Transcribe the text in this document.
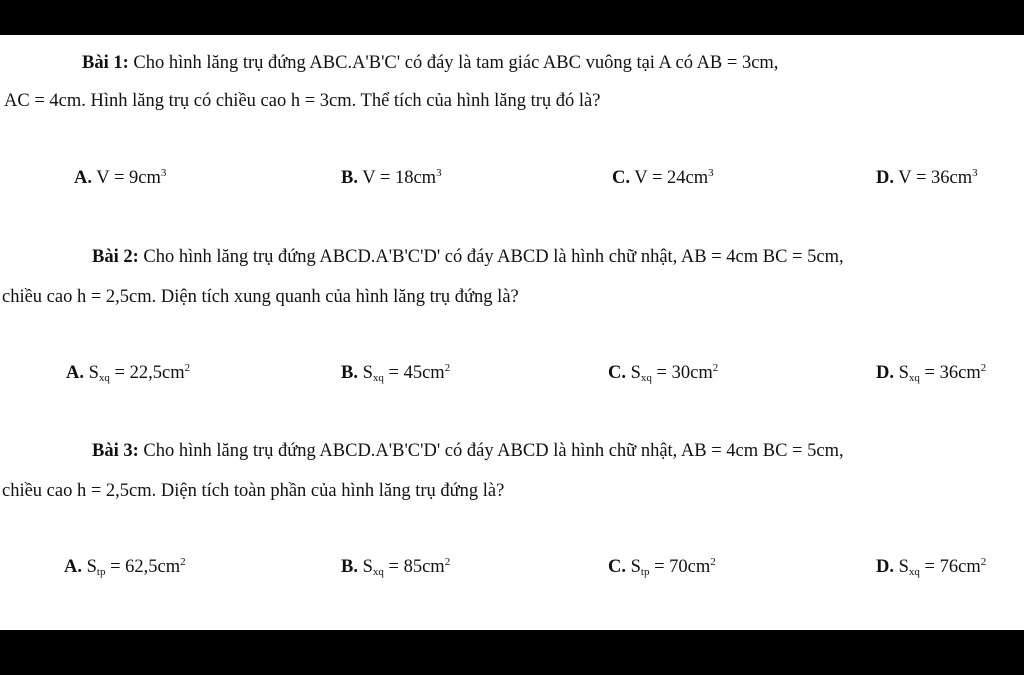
Bài 1: Cho hình lăng trụ đứng ABC.A'B'C' có đáy là tam giác ABC vuông tại A có AB = 3cm,
AC = 4cm. Hình lăng trụ có chiều cao h = 3cm. Thể tích của hình lăng trụ đó là?
A. $V = 9cm^3$	B. $V = 18cm^3$	C. $V = 24cm^3$	D. $V = 36cm^3$
Bài 2: Cho hình lăng trụ đứng ABCD.A'B'C'D' có đáy ABCD là hình chữ nhật, AB = 4cm BC = 5cm,
chiều cao h = 2,5cm. Diện tích xung quanh của hình lăng trụ đứng là?
A. $S_{xq} = 22,5cm^2$	B. $S_{xq} = 45cm^2$	C. $S_{xq} = 30cm^2$	D. $S_{xq} = 36cm^2$
Bài 3: Cho hình lăng trụ đứng ABCD.A'B'C'D' có đáy ABCD là hình chữ nhật, AB = 4cm BC = 5cm,
chiều cao h = 2,5cm. Diện tích toàn phần của hình lăng trụ đứng là?
A. $S_{tp} = 62,5cm^2$	B. $S_{xq} = 85cm^2$	C. $S_{tp} = 70cm^2$	D. $S_{xq} = 76cm^2$
